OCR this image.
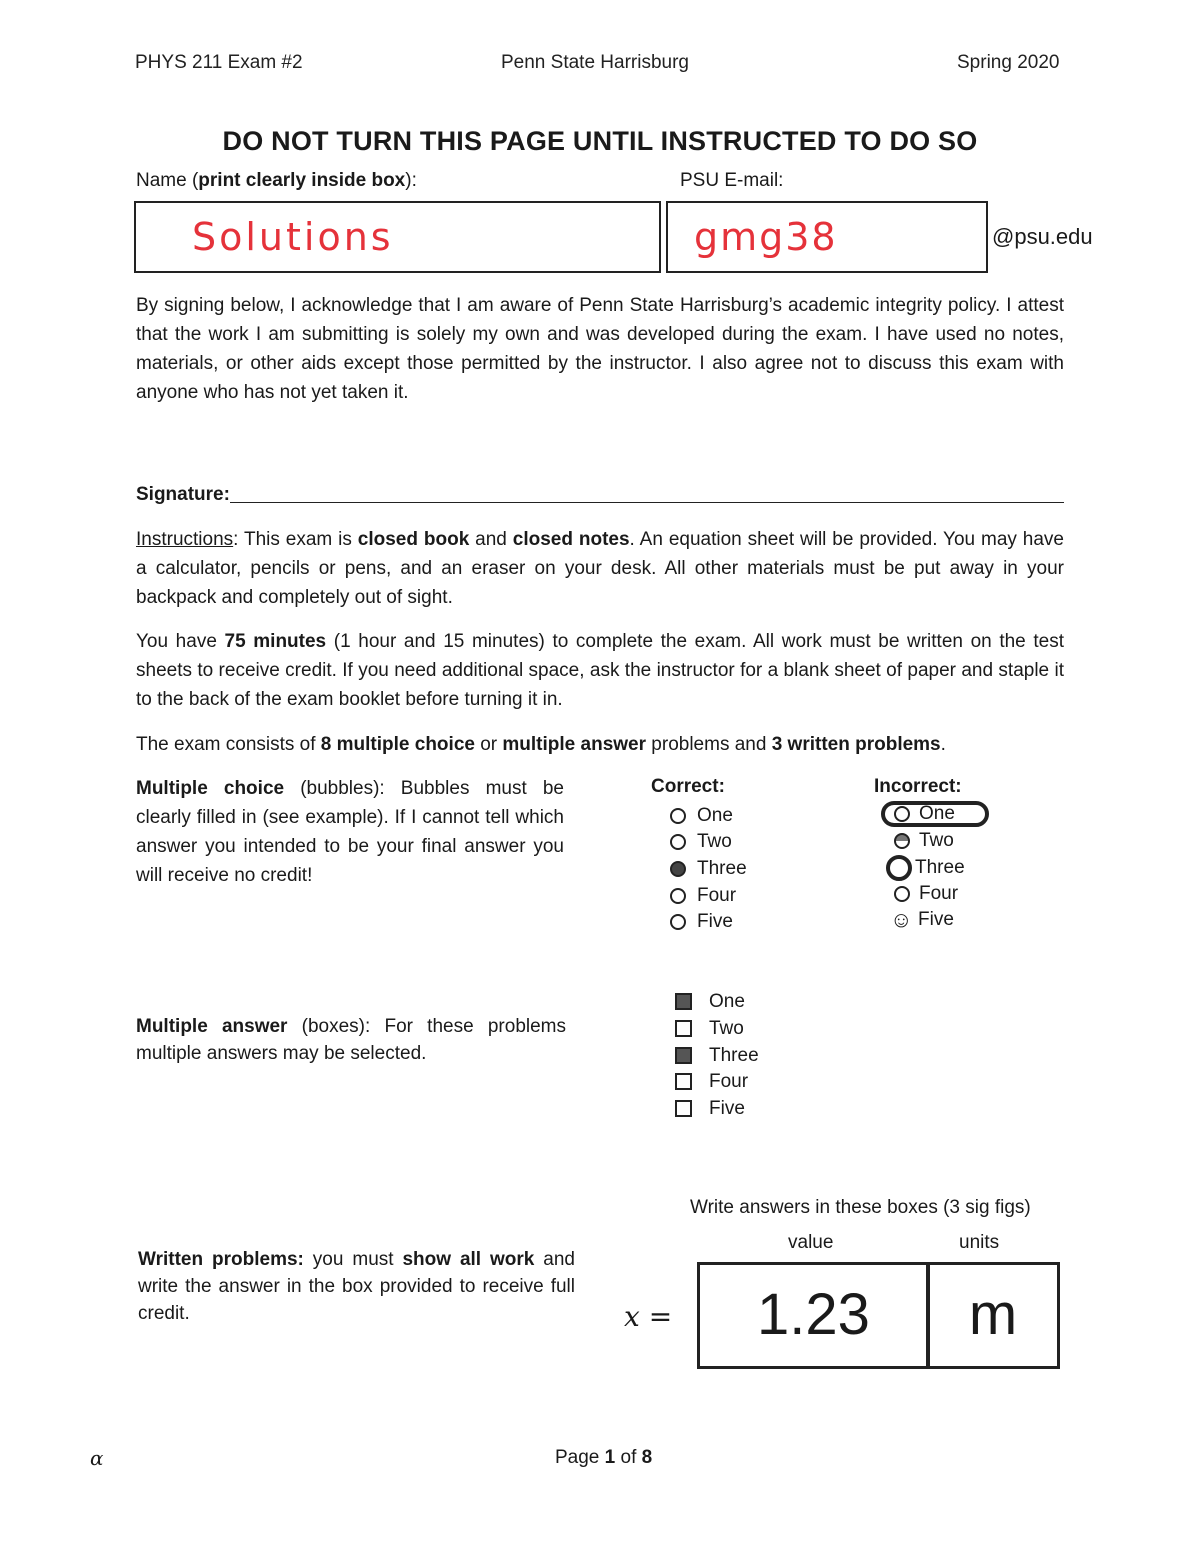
PHYS 211 Exam #2	Penn State Harrisburg	Spring 2020
DO NOT TURN THIS PAGE UNTIL INSTRUCTED TO DO SO
Name (print clearly inside box):	PSU E-mail:
Solutions	gmg38	@psu.edu
By signing below, I acknowledge that I am aware of Penn State Harrisburg’s academic integrity policy. I attest that the work I am submitting is solely my own and was developed during the exam. I have used no notes, materials, or other aids except those permitted by the instructor. I also agree not to discuss this exam with anyone who has not yet taken it.
Signature:
Instructions: This exam is closed book and closed notes. An equation sheet will be provided. You may have a calculator, pencils or pens, and an eraser on your desk. All other materials must be put away in your backpack and completely out of sight.
You have 75 minutes (1 hour and 15 minutes) to complete the exam. All work must be written on the test sheets to receive credit. If you need additional space, ask the instructor for a blank sheet of paper and staple it to the back of the exam booklet before turning it in.
The exam consists of 8 multiple choice or multiple answer problems and 3 written problems.
Multiple choice (bubbles): Bubbles must be clearly filled in (see example). If I cannot tell which answer you intended to be your final answer you will receive no credit!
Correct:
One
Two
Three
Four
Five
Incorrect:
One
Two
Three
Four
☺ Five
Multiple answer (boxes): For these problems multiple answers may be selected.
One
Two
Three
Four
Five
Written problems: you must show all work and write the answer in the box provided to receive full credit.
Write answers in these boxes (3 sig figs)
value	units
x =	1.23	m
α	Page 1 of 8
